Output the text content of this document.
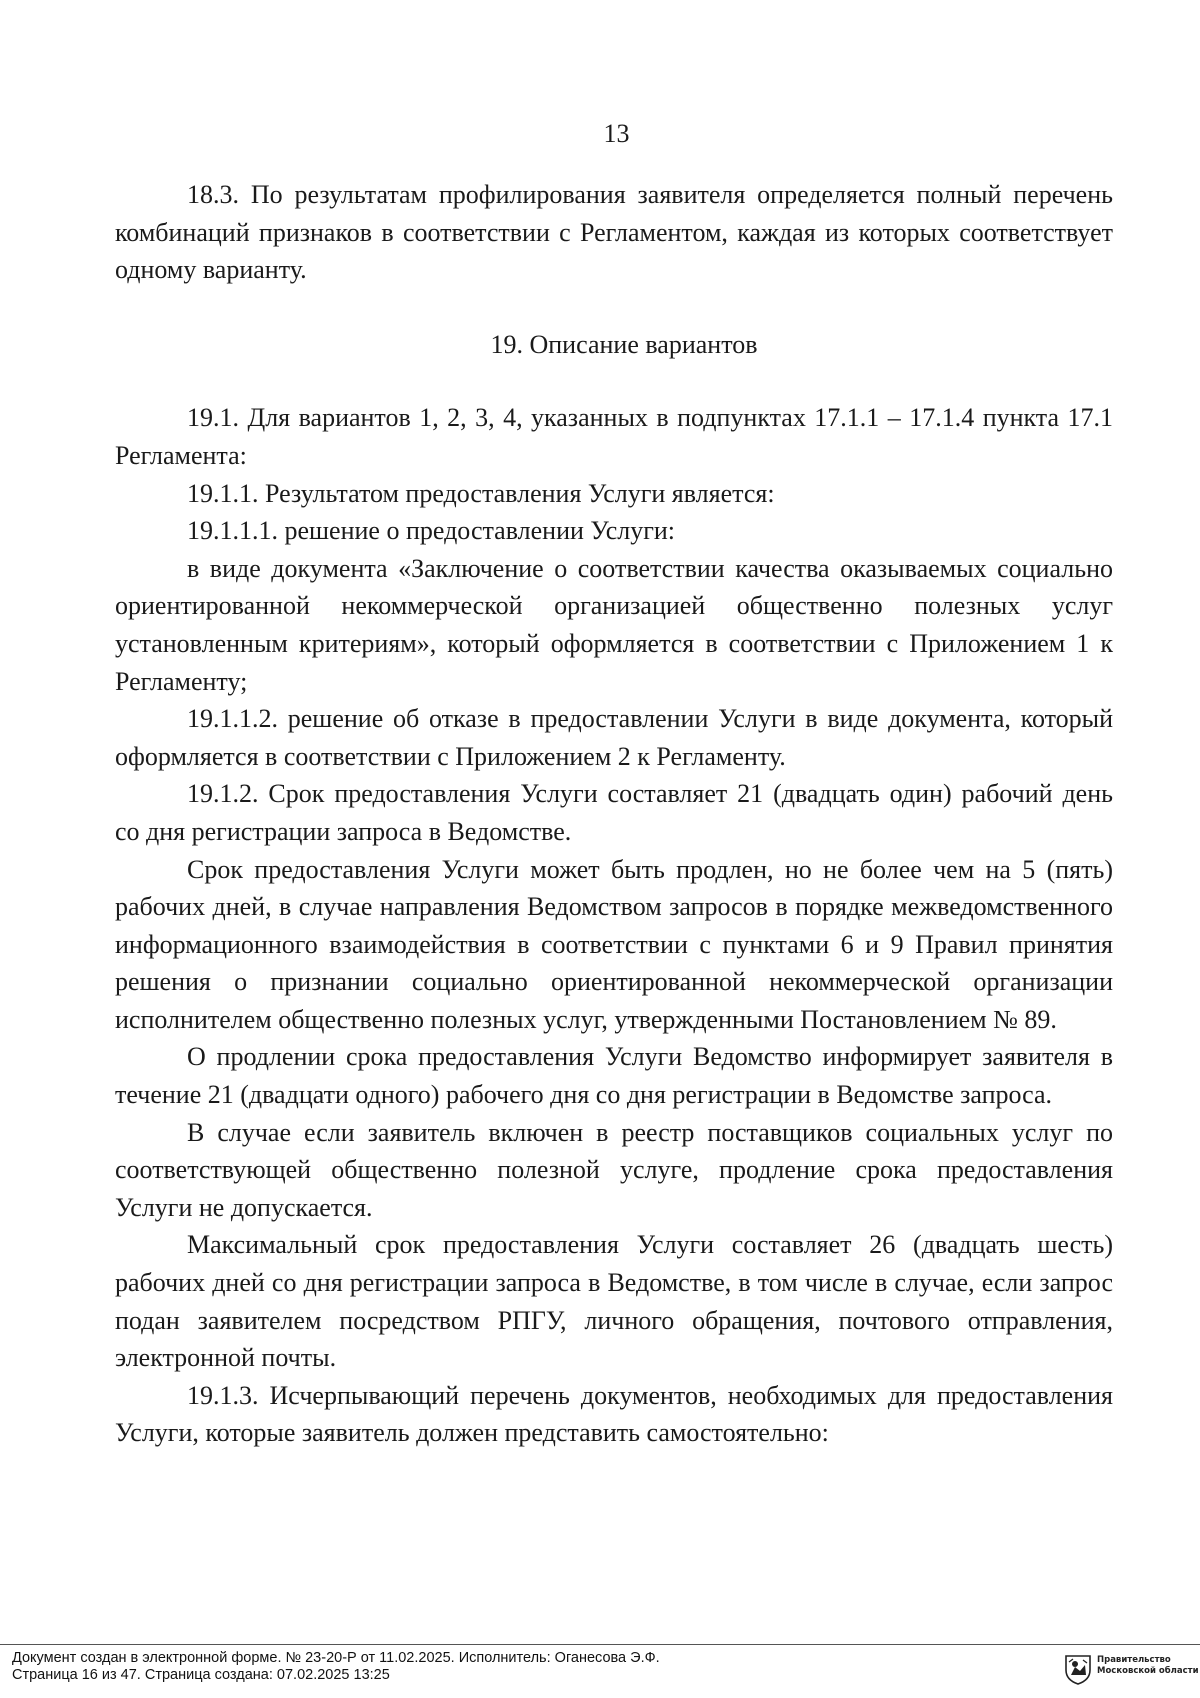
13

18.3. По результатам профилирования заявителя определяется полный перечень комбинаций признаков в соответствии с Регламентом, каждая из которых соответствует одному варианту.

19. Описание вариантов

19.1. Для вариантов 1, 2, 3, 4, указанных в подпунктах 17.1.1 – 17.1.4 пункта 17.1 Регламента:

19.1.1. Результатом предоставления Услуги является:

19.1.1.1. решение о предоставлении Услуги:

в виде документа «Заключение о соответствии качества оказываемых социально ориентированной некоммерческой организацией общественно полезных услуг установленным критериям», который оформляется в соответствии с Приложением 1 к Регламенту;

19.1.1.2. решение об отказе в предоставлении Услуги в виде документа, который оформляется в соответствии с Приложением 2 к Регламенту.

19.1.2. Срок предоставления Услуги составляет 21 (двадцать один) рабочий день со дня регистрации запроса в Ведомстве.

Срок предоставления Услуги может быть продлен, но не более чем на 5 (пять) рабочих дней, в случае направления Ведомством запросов в порядке межведомственного информационного взаимодействия в соответствии с пунктами 6 и 9 Правил принятия решения о признании социально ориентированной некоммерческой организации исполнителем общественно полезных услуг, утвержденными Постановлением № 89.

О продлении срока предоставления Услуги Ведомство информирует заявителя в течение 21 (двадцати одного) рабочего дня со дня регистрации в Ведомстве запроса.

В случае если заявитель включен в реестр поставщиков социальных услуг по соответствующей общественно полезной услуге, продление срока предоставления Услуги не допускается.

Максимальный срок предоставления Услуги составляет 26 (двадцать шесть) рабочих дней со дня регистрации запроса в Ведомстве, в том числе в случае, если запрос подан заявителем посредством РПГУ, личного обращения, почтового отправления, электронной почты.

19.1.3. Исчерпывающий перечень документов, необходимых для предоставления Услуги, которые заявитель должен представить самостоятельно:

Документ создан в электронной форме. № 23-20-Р от 11.02.2025. Исполнитель: Оганесова Э.Ф.
Страница 16 из 47. Страница создана: 07.02.2025 13:25
Правительство
Московской области
